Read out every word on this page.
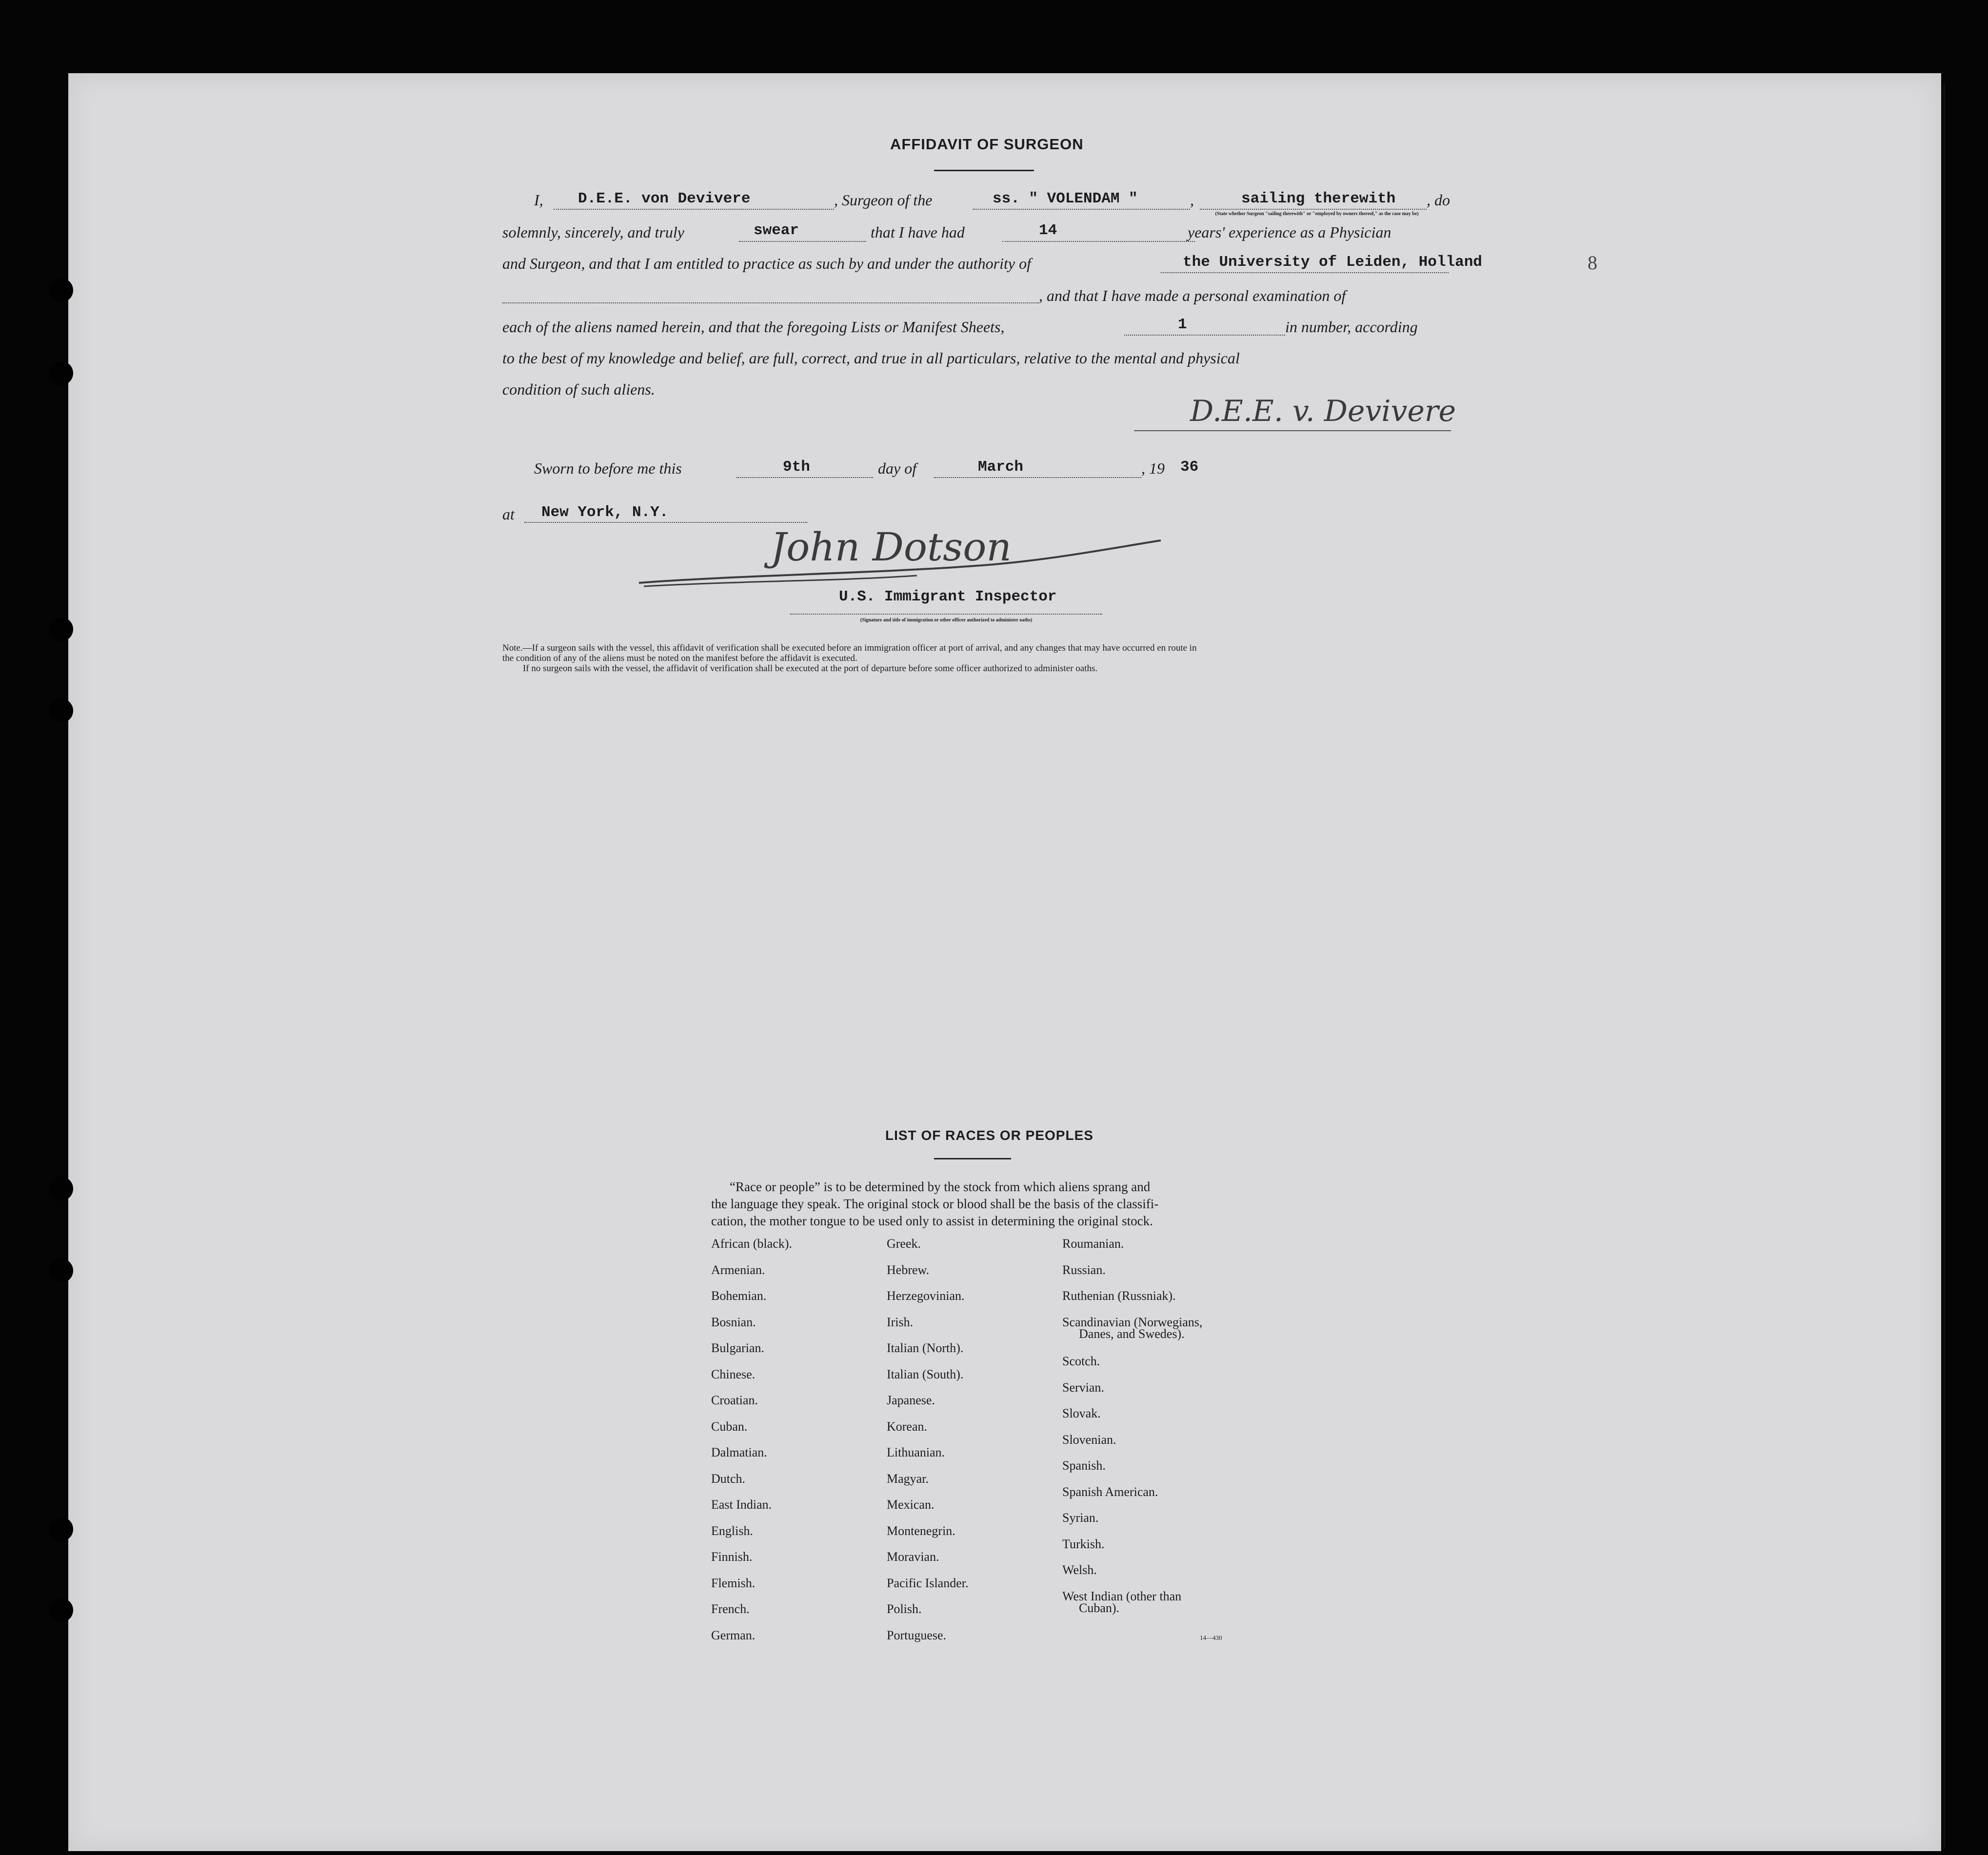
AFFIDAVIT OF SURGEON
I, D.E.E. von Devivere	, Surgeon of the	ss. " VOLENDAM "	,	sailing therewith , do
(State whether Surgeon "sailing therewith" or "employed by owners thereof," as the case may be)
solemnly, sincerely, and truly	swear	that I have had	14	years' experience as a Physician
and Surgeon, and that I am entitled to practice as such by and under the authority of	the University of Leiden, Holland	8
, and that I have made a personal examination of
each of the aliens named herein, and that the foregoing Lists or Manifest Sheets,	1	in number, according
to the best of my knowledge and belief, are full, correct, and true in all particulars, relative to the mental and physical
condition of such aliens.
D.E.E. v. Devivere
Sworn to before me this	9th	day of	March	, 19 36
at New York, N.Y.
John Dotson
U.S. Immigrant Inspector
(Signature and title of immigration or other officer authorized to administer oaths)
Note.—If a surgeon sails with the vessel, this affidavit of verification shall be executed before an immigration officer at port of arrival, and any changes that may have occurred en route in
the condition of any of the aliens must be noted on the manifest before the affidavit is executed.
If no surgeon sails with the vessel, the affidavit of verification shall be executed at the port of departure before some officer authorized to administer oaths.
LIST OF RACES OR PEOPLES
“Race or people” is to be determined by the stock from which aliens sprang and
the language they speak. The original stock or blood shall be the basis of the classifi-
cation, the mother tongue to be used only to assist in determining the original stock.
African (black).
Armenian.
Bohemian.
Bosnian.
Bulgarian.
Chinese.
Croatian.
Cuban.
Dalmatian.
Dutch.
East Indian.
English.
Finnish.
Flemish.
French.
German.
Greek.
Hebrew.
Herzegovinian.
Irish.
Italian (North).
Italian (South).
Japanese.
Korean.
Lithuanian.
Magyar.
Mexican.
Montenegrin.
Moravian.
Pacific Islander.
Polish.
Portuguese.
Roumanian.
Russian.
Ruthenian (Russniak).
Scandinavian (Norwegians,
Danes, and Swedes).
Scotch.
Servian.
Slovak.
Slovenian.
Spanish.
Spanish American.
Syrian.
Turkish.
Welsh.
West Indian (other than
Cuban).
14—430
